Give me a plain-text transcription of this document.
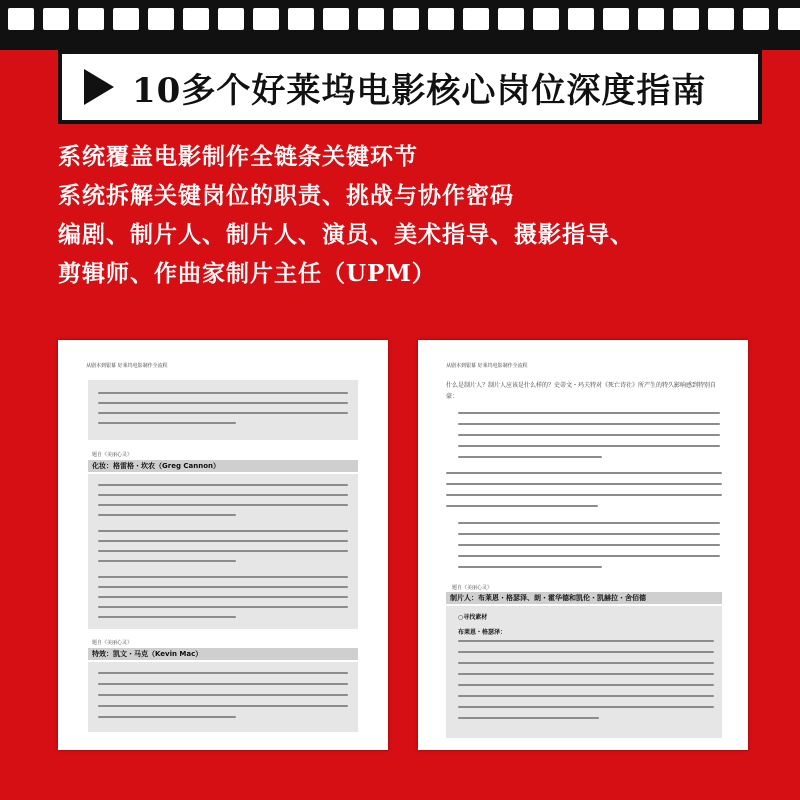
10多个好莱坞电影核心岗位深度指南
系统覆盖电影制作全链条关键环节
系统拆解关键岗位的职责、挑战与协作密码
编剧、制片人、制片人、演员、美术指导、摄影指导、
剪辑师、作曲家制片主任（UPM）
从剧本到银幕 好莱坞电影制作全流程
题自《美丽心灵》
化妆：格雷格・坎农（Greg Cannon）
题自《美丽心灵》
特效：凯文・马克（Kevin Mac）
从剧本到银幕 好莱坞电影制作全流程
什么是制片人？制片人应该是什么样的？史蒂文・玛夫特对《死亡诗社》所产生的特久影响感到特别自豪：
题自《美丽心灵》
制片人：布莱恩・格瑟泽、朗・霍华德和凯伦・凯赫拉・舍佰德
○寻找素材
布莱恩・格瑟泽：
